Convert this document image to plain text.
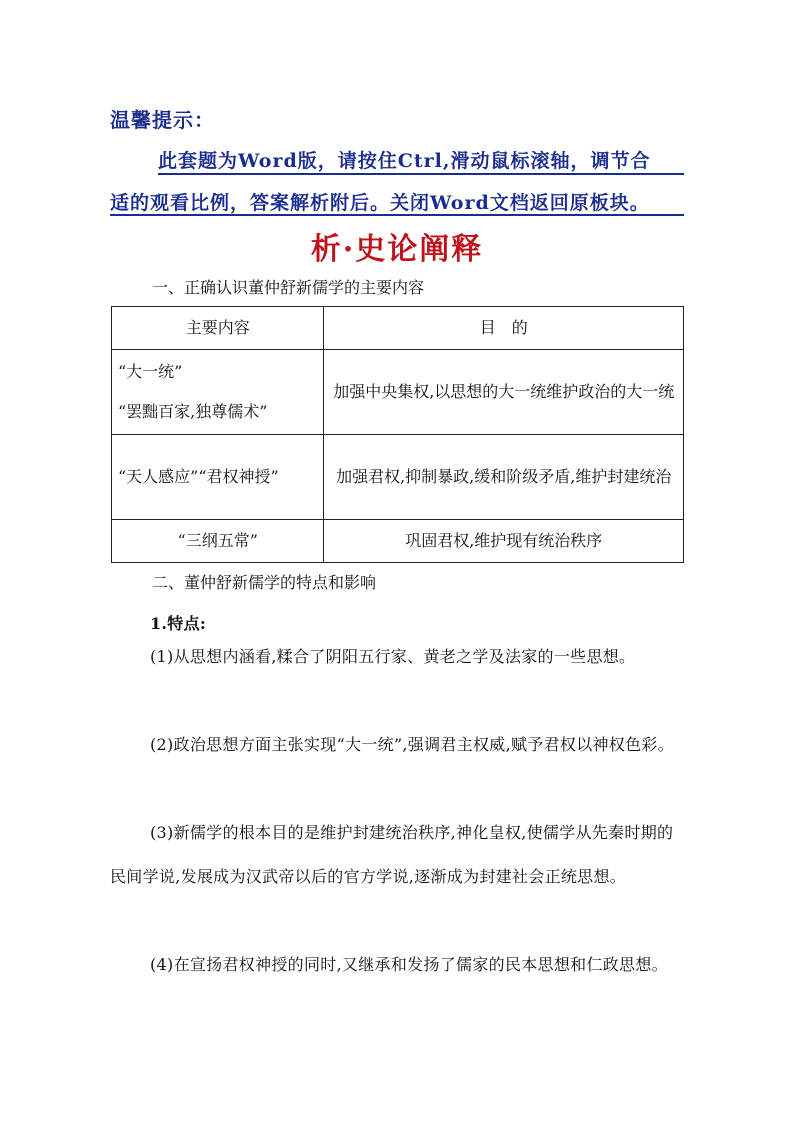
温馨提示：
此套题为Word版，请按住Ctrl,滑动鼠标滚轴，调节合
适的观看比例，答案解析附后。关闭Word文档返回原板块。
析·史论阐释
一、正确认识董仲舒新儒学的主要内容
主要内容	目　的

“大一统”
“罢黜百家,独尊儒术”	加强中央集权,以思想的大一统维护政治的大一统

“天人感应”“君权神授”	加强君权,抑制暴政,缓和阶级矛盾,维护封建统治

“三纲五常”	巩固君权,维护现有统治秩序
二、董仲舒新儒学的特点和影响
1.特点:
(1)从思想内涵看,糅合了阴阳五行家、黄老之学及法家的一些思想。
(2)政治思想方面主张实现“大一统”,强调君主权威,赋予君权以神权色彩。
(3)新儒学的根本目的是维护封建统治秩序,神化皇权,使儒学从先秦时期的民间学说,发展成为汉武帝以后的官方学说,逐渐成为封建社会正统思想。
(4)在宣扬君权神授的同时,又继承和发扬了儒家的民本思想和仁政思想。
